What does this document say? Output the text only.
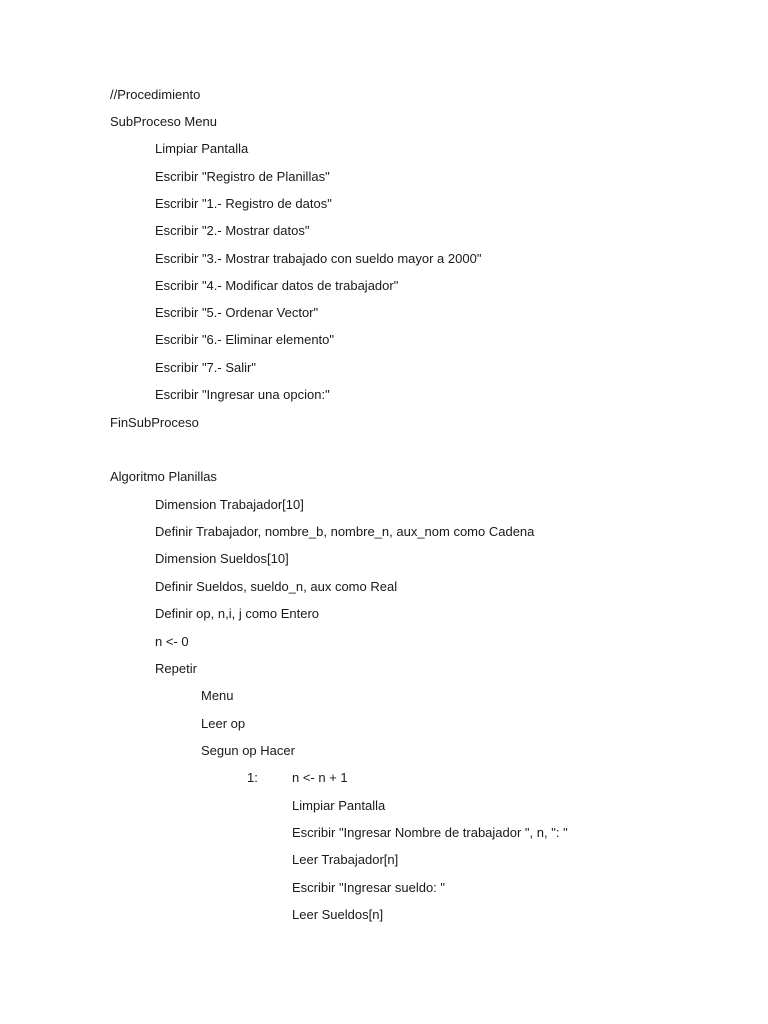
//Procedimiento
SubProceso Menu
Limpiar Pantalla
Escribir "Registro de Planillas"
Escribir "1.- Registro de datos"
Escribir "2.- Mostrar datos"
Escribir "3.- Mostrar trabajado con sueldo mayor a 2000"
Escribir "4.- Modificar datos de trabajador"
Escribir "5.- Ordenar Vector"
Escribir "6.- Eliminar elemento"
Escribir "7.- Salir"
Escribir "Ingresar una opcion:"
FinSubProceso
Algoritmo Planillas
Dimension Trabajador[10]
Definir Trabajador, nombre_b, nombre_n, aux_nom como Cadena
Dimension Sueldos[10]
Definir Sueldos, sueldo_n, aux como Real
Definir op, n,i, j como Entero
n <- 0
Repetir
Menu
Leer op
Segun op Hacer
1:	n <- n + 1
Limpiar Pantalla
Escribir "Ingresar Nombre de trabajador ", n, ": "
Leer Trabajador[n]
Escribir "Ingresar sueldo: "
Leer Sueldos[n]
